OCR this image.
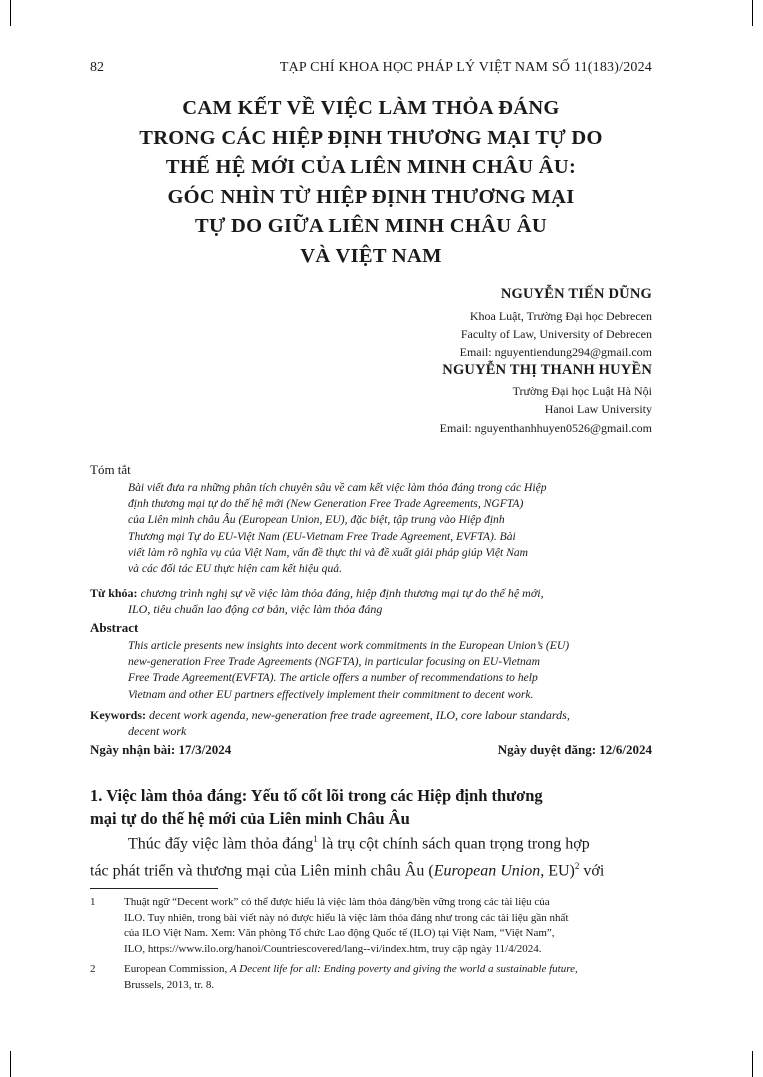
82	TẠP CHÍ KHOA HỌC PHÁP LÝ VIỆT NAM SỐ 11(183)/2024
CAM KẾT VỀ VIỆC LÀM THỎA ĐÁNG
TRONG CÁC HIỆP ĐỊNH THƯƠNG MẠI TỰ DO
THẾ HỆ MỚI CỦA LIÊN MINH CHÂU ÂU:
GÓC NHÌN TỪ HIỆP ĐỊNH THƯƠNG MẠI
TỰ DO GIỮA LIÊN MINH CHÂU ÂU
VÀ VIỆT NAM
NGUYỄN TIẾN DŨNG
Khoa Luật, Trường Đại học Debrecen
Faculty of Law, University of Debrecen
Email: nguyentiendung294@gmail.com
NGUYỄN THỊ THANH HUYỀN
Trường Đại học Luật Hà Nội
Hanoi Law University
Email: nguyenthanhhuyen0526@gmail.com
Tóm tắt
Bài viết đưa ra những phân tích chuyên sâu về cam kết việc làm thỏa đáng trong các Hiệp
định thương mại tự do thế hệ mới (New Generation Free Trade Agreements, NGFTA)
của Liên minh châu Âu (European Union, EU), đặc biệt, tập trung vào Hiệp định
Thương mại Tự do EU-Việt Nam (EU-Vietnam Free Trade Agreement, EVFTA). Bài
viết làm rõ nghĩa vụ của Việt Nam, vấn đề thực thi và đề xuất giải pháp giúp Việt Nam
và các đối tác EU thực hiện cam kết hiệu quả.
Từ khóa: chương trình nghị sự về việc làm thỏa đáng, hiệp định thương mại tự do thế hệ mới,
ILO, tiêu chuẩn lao động cơ bản, việc làm thỏa đáng
Abstract
This article presents new insights into decent work commitments in the European Union’s (EU)
new-generation Free Trade Agreements (NGFTA), in particular focusing on EU-Vietnam
Free Trade Agreement(EVFTA). The article offers a number of recommendations to help
Vietnam and other EU partners effectively implement their commitment to decent work.
Keywords: decent work agenda, new-generation free trade agreement, ILO, core labour standards,
decent work
Ngày nhận bài: 17/3/2024	Ngày duyệt đăng: 12/6/2024
1. Việc làm thỏa đáng: Yếu tố cốt lõi trong các Hiệp định thương
mại tự do thế hệ mới của Liên minh Châu Âu
Thúc đẩy việc làm thỏa đáng$^1$ là trụ cột chính sách quan trọng trong hợp
tác phát triển và thương mại của Liên minh châu Âu (European Union, EU)$^2$ với
1	Thuật ngữ “Decent work” có thể được hiểu là việc làm thỏa đáng/bền vững trong các tài liệu của
ILO. Tuy nhiên, trong bài viết này nó được hiểu là việc làm thỏa đáng như trong các tài liệu gần nhất
của ILO Việt Nam. Xem: Văn phòng Tổ chức Lao động Quốc tế (ILO) tại Việt Nam, “Việt Nam”,
ILO, https://www.ilo.org/hanoi/Countriescovered/lang--vi/index.htm, truy cập ngày 11/4/2024.
2	European Commission, A Decent life for all: Ending poverty and giving the world a sustainable future,
Brussels, 2013, tr. 8.
